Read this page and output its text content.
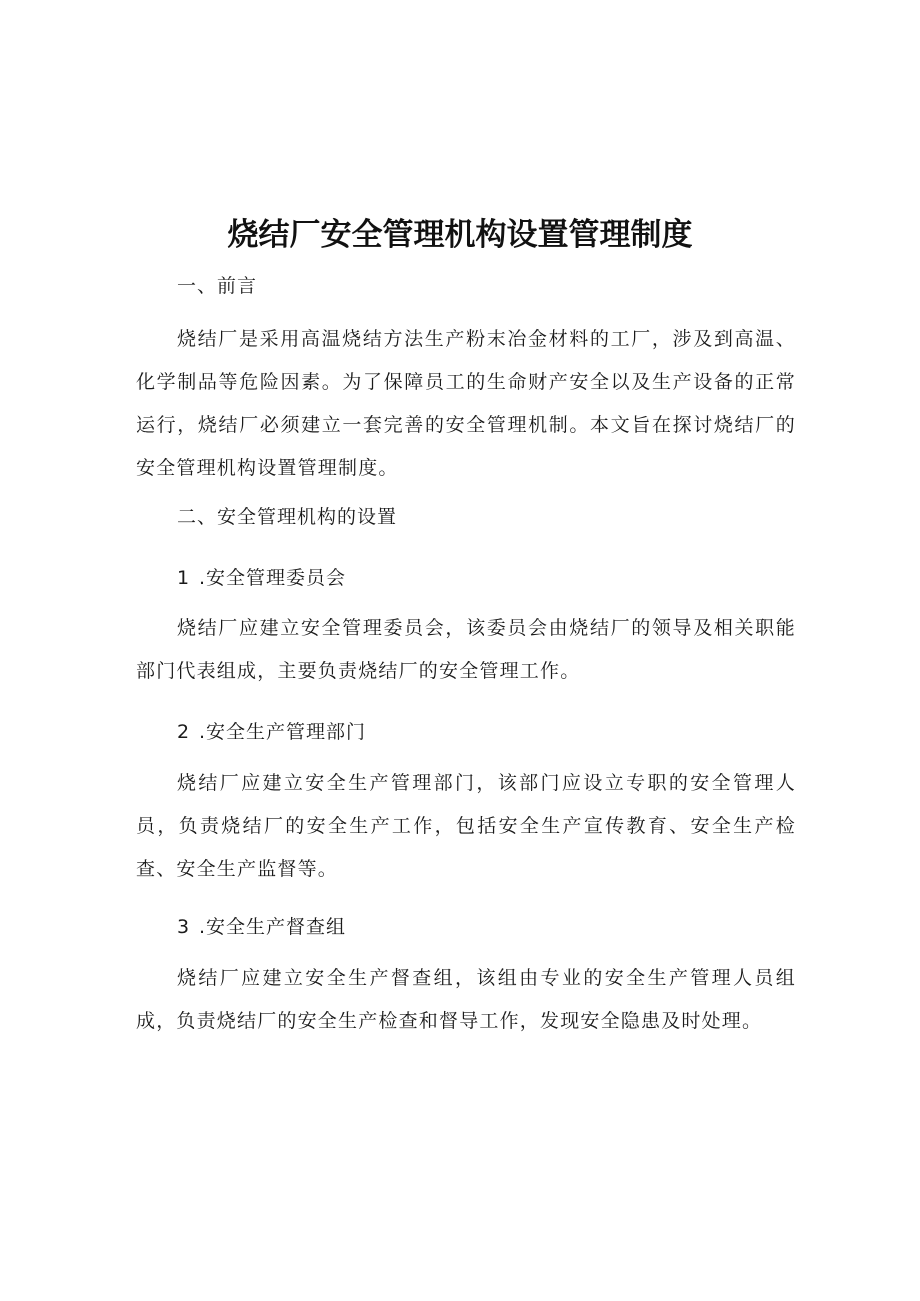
烧结厂安全管理机构设置管理制度
一、前言
烧结厂是采用高温烧结方法生产粉末冶金材料的工厂，涉及到高温、化学制品等危险因素。为了保障员工的生命财产安全以及生产设备的正常运行，烧结厂必须建立一套完善的安全管理机制。本文旨在探讨烧结厂的安全管理机构设置管理制度。
二、安全管理机构的设置
1 .安全管理委员会
烧结厂应建立安全管理委员会，该委员会由烧结厂的领导及相关职能部门代表组成，主要负责烧结厂的安全管理工作。
2 .安全生产管理部门
烧结厂应建立安全生产管理部门，该部门应设立专职的安全管理人员，负责烧结厂的安全生产工作，包括安全生产宣传教育、安全生产检查、安全生产监督等。
3 .安全生产督查组
烧结厂应建立安全生产督查组，该组由专业的安全生产管理人员组成，负责烧结厂的安全生产检查和督导工作，发现安全隐患及时处理。
